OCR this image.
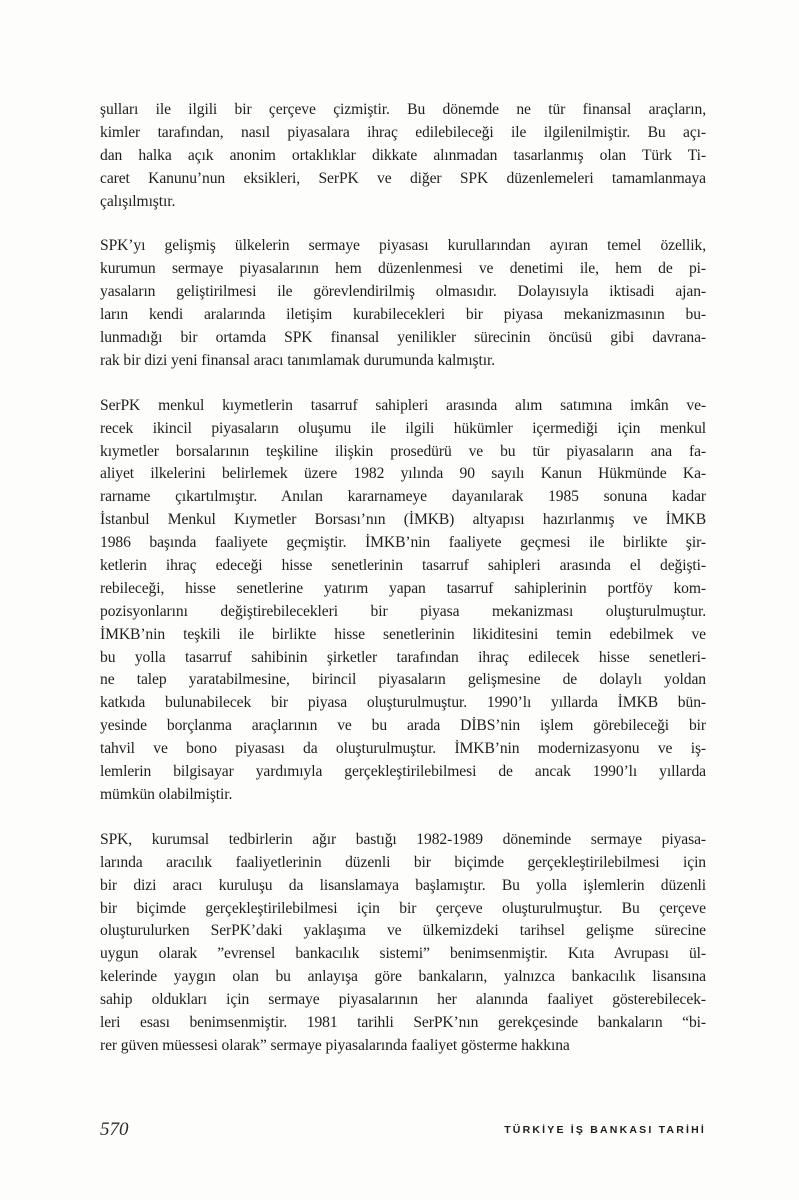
şulları ile ilgili bir çerçeve çizmiştir. Bu dönemde ne tür finansal araçların,
kimler tarafından, nasıl piyasalara ihraç edilebileceği ile ilgilenilmiştir. Bu açı-
dan halka açık anonim ortaklıklar dikkate alınmadan tasarlanmış olan Türk Ti-
caret Kanunu’nun eksikleri, SerPK ve diğer SPK düzenlemeleri tamamlanmaya
çalışılmıştır.
SPK’yı gelişmiş ülkelerin sermaye piyasası kurullarından ayıran temel özellik,
kurumun sermaye piyasalarının hem düzenlenmesi ve denetimi ile, hem de pi-
yasaların geliştirilmesi ile görevlendirilmiş olmasıdır. Dolayısıyla iktisadi ajan-
ların kendi aralarında iletişim kurabilecekleri bir piyasa mekanizmasının bu-
lunmadığı bir ortamda SPK finansal yenilikler sürecinin öncüsü gibi davrana-
rak bir dizi yeni finansal aracı tanımlamak durumunda kalmıştır.
SerPK menkul kıymetlerin tasarruf sahipleri arasında alım satımına imkân ve-
recek ikincil piyasaların oluşumu ile ilgili hükümler içermediği için menkul
kıymetler borsalarının teşkiline ilişkin prosedürü ve bu tür piyasaların ana fa-
aliyet ilkelerini belirlemek üzere 1982 yılında 90 sayılı Kanun Hükmünde Ka-
rarname çıkartılmıştır. Anılan kararnameye dayanılarak 1985 sonuna kadar
İstanbul Menkul Kıymetler Borsası’nın (İMKB) altyapısı hazırlanmış ve İMKB
1986 başında faaliyete geçmiştir. İMKB’nin faaliyete geçmesi ile birlikte şir-
ketlerin ihraç edeceği hisse senetlerinin tasarruf sahipleri arasında el değişti-
rebileceği, hisse senetlerine yatırım yapan tasarruf sahiplerinin portföy kom-
pozisyonlarını değiştirebilecekleri bir piyasa mekanizması oluşturulmuştur.
İMKB’nin teşkili ile birlikte hisse senetlerinin likiditesini temin edebilmek ve
bu yolla tasarruf sahibinin şirketler tarafından ihraç edilecek hisse senetleri-
ne talep yaratabilmesine, birincil piyasaların gelişmesine de dolaylı yoldan
katkıda bulunabilecek bir piyasa oluşturulmuştur. 1990’lı yıllarda İMKB bün-
yesinde borçlanma araçlarının ve bu arada DİBS’nin işlem görebileceği bir
tahvil ve bono piyasası da oluşturulmuştur. İMKB’nin modernizasyonu ve iş-
lemlerin bilgisayar yardımıyla gerçekleştirilebilmesi de ancak 1990’lı yıllarda
mümkün olabilmiştir.
SPK, kurumsal tedbirlerin ağır bastığı 1982-1989 döneminde sermaye piyasa-
larında aracılık faaliyetlerinin düzenli bir biçimde gerçekleştirilebilmesi için
bir dizi aracı kuruluşu da lisanslamaya başlamıştır. Bu yolla işlemlerin düzenli
bir biçimde gerçekleştirilebilmesi için bir çerçeve oluşturulmuştur. Bu çerçeve
oluşturulurken SerPK’daki yaklaşıma ve ülkemizdeki tarihsel gelişme sürecine
uygun olarak ”evrensel bankacılık sistemi” benimsenmiştir. Kıta Avrupası ül-
kelerinde yaygın olan bu anlayışa göre bankaların, yalnızca bankacılık lisansına
sahip oldukları için sermaye piyasalarının her alanında faaliyet gösterebilecek-
leri esası benimsenmiştir. 1981 tarihli SerPK’nın gerekçesinde bankaların “bi-
rer güven müessesi olarak” sermaye piyasalarında faaliyet gösterme hakkına
570	TÜRKİYE İŞ BANKASI TARİHİ
